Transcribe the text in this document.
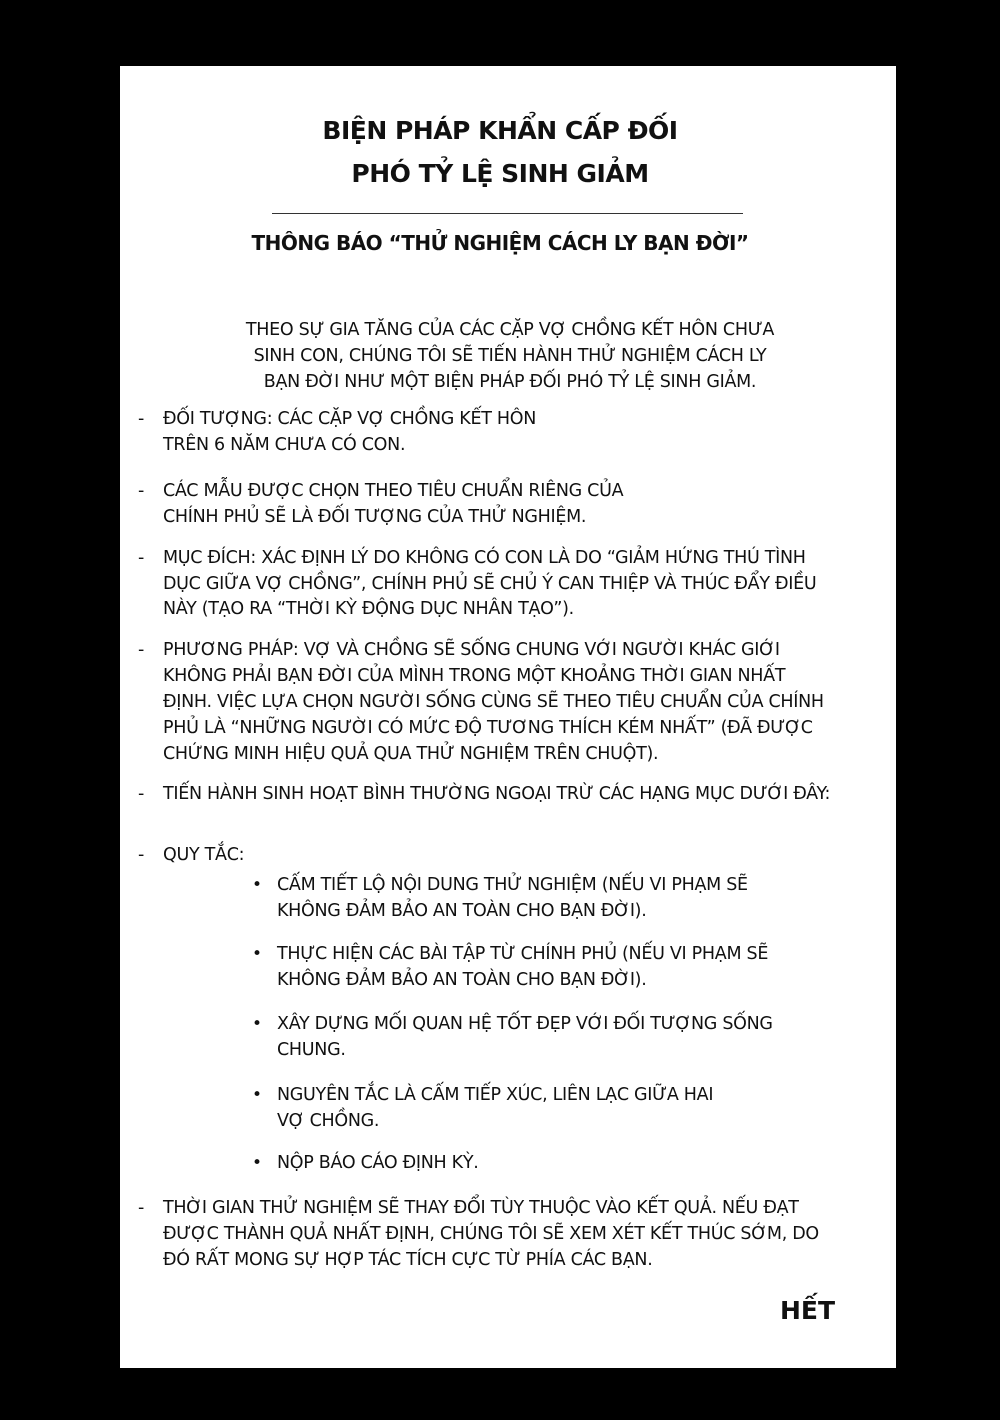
BIỆN PHÁP KHẨN CẤP ĐỐI
PHÓ TỶ LỆ SINH GIẢM
THÔNG BÁO “THỬ NGHIỆM CÁCH LY BẠN ĐỜI”
THEO SỰ GIA TĂNG CỦA CÁC CẶP VỢ CHỒNG KẾT HÔN CHƯA
SINH CON, CHÚNG TÔI SẼ TIẾN HÀNH THỬ NGHIỆM CÁCH LY
BẠN ĐỜI NHƯ MỘT BIỆN PHÁP ĐỐI PHÓ TỶ LỆ SINH GIẢM.
- ĐỐI TƯỢNG: CÁC CẶP VỢ CHỒNG KẾT HÔN
TRÊN 6 NĂM CHƯA CÓ CON.
- CÁC MẪU ĐƯỢC CHỌN THEO TIÊU CHUẨN RIÊNG CỦA
CHÍNH PHỦ SẼ LÀ ĐỐI TƯỢNG CỦA THỬ NGHIỆM.
- MỤC ĐÍCH: XÁC ĐỊNH LÝ DO KHÔNG CÓ CON LÀ DO “GIẢM HỨNG THÚ TÌNH
DỤC GIỮA VỢ CHỒNG”, CHÍNH PHỦ SẼ CHỦ Ý CAN THIỆP VÀ THÚC ĐẨY ĐIỀU
NÀY (TẠO RA “THỜI KỲ ĐỘNG DỤC NHÂN TẠO”).
- PHƯƠNG PHÁP: VỢ VÀ CHỒNG SẼ SỐNG CHUNG VỚI NGƯỜI KHÁC GIỚI
KHÔNG PHẢI BẠN ĐỜI CỦA MÌNH TRONG MỘT KHOẢNG THỜI GIAN NHẤT
ĐỊNH. VIỆC LỰA CHỌN NGƯỜI SỐNG CÙNG SẼ THEO TIÊU CHUẨN CỦA CHÍNH
PHỦ LÀ “NHỮNG NGƯỜI CÓ MỨC ĐỘ TƯƠNG THÍCH KÉM NHẤT” (ĐÃ ĐƯỢC
CHỨNG MINH HIỆU QUẢ QUA THỬ NGHIỆM TRÊN CHUỘT).
- TIẾN HÀNH SINH HOẠT BÌNH THƯỜNG NGOẠI TRỪ CÁC HẠNG MỤC DƯỚI ĐÂY:
- QUY TẮC:
- THỜI GIAN THỬ NGHIỆM SẼ THAY ĐỔI TÙY THUỘC VÀO KẾT QUẢ. NẾU ĐẠT
ĐƯỢC THÀNH QUẢ NHẤT ĐỊNH, CHÚNG TÔI SẼ XEM XÉT KẾT THÚC SỚM, DO
ĐÓ RẤT MONG SỰ HỢP TÁC TÍCH CỰC TỪ PHÍA CÁC BẠN.
• CẤM TIẾT LỘ NỘI DUNG THỬ NGHIỆM (NẾU VI PHẠM SẼ
KHÔNG ĐẢM BẢO AN TOÀN CHO BẠN ĐỜI).
• THỰC HIỆN CÁC BÀI TẬP TỪ CHÍNH PHỦ (NẾU VI PHẠM SẼ
KHÔNG ĐẢM BẢO AN TOÀN CHO BẠN ĐỜI).
• XÂY DỰNG MỐI QUAN HỆ TỐT ĐẸP VỚI ĐỐI TƯỢNG SỐNG
CHUNG.
• NGUYÊN TẮC LÀ CẤM TIẾP XÚC, LIÊN LẠC GIỮA HAI
VỢ CHỒNG.
• NỘP BÁO CÁO ĐỊNH KỲ.
HẾT
